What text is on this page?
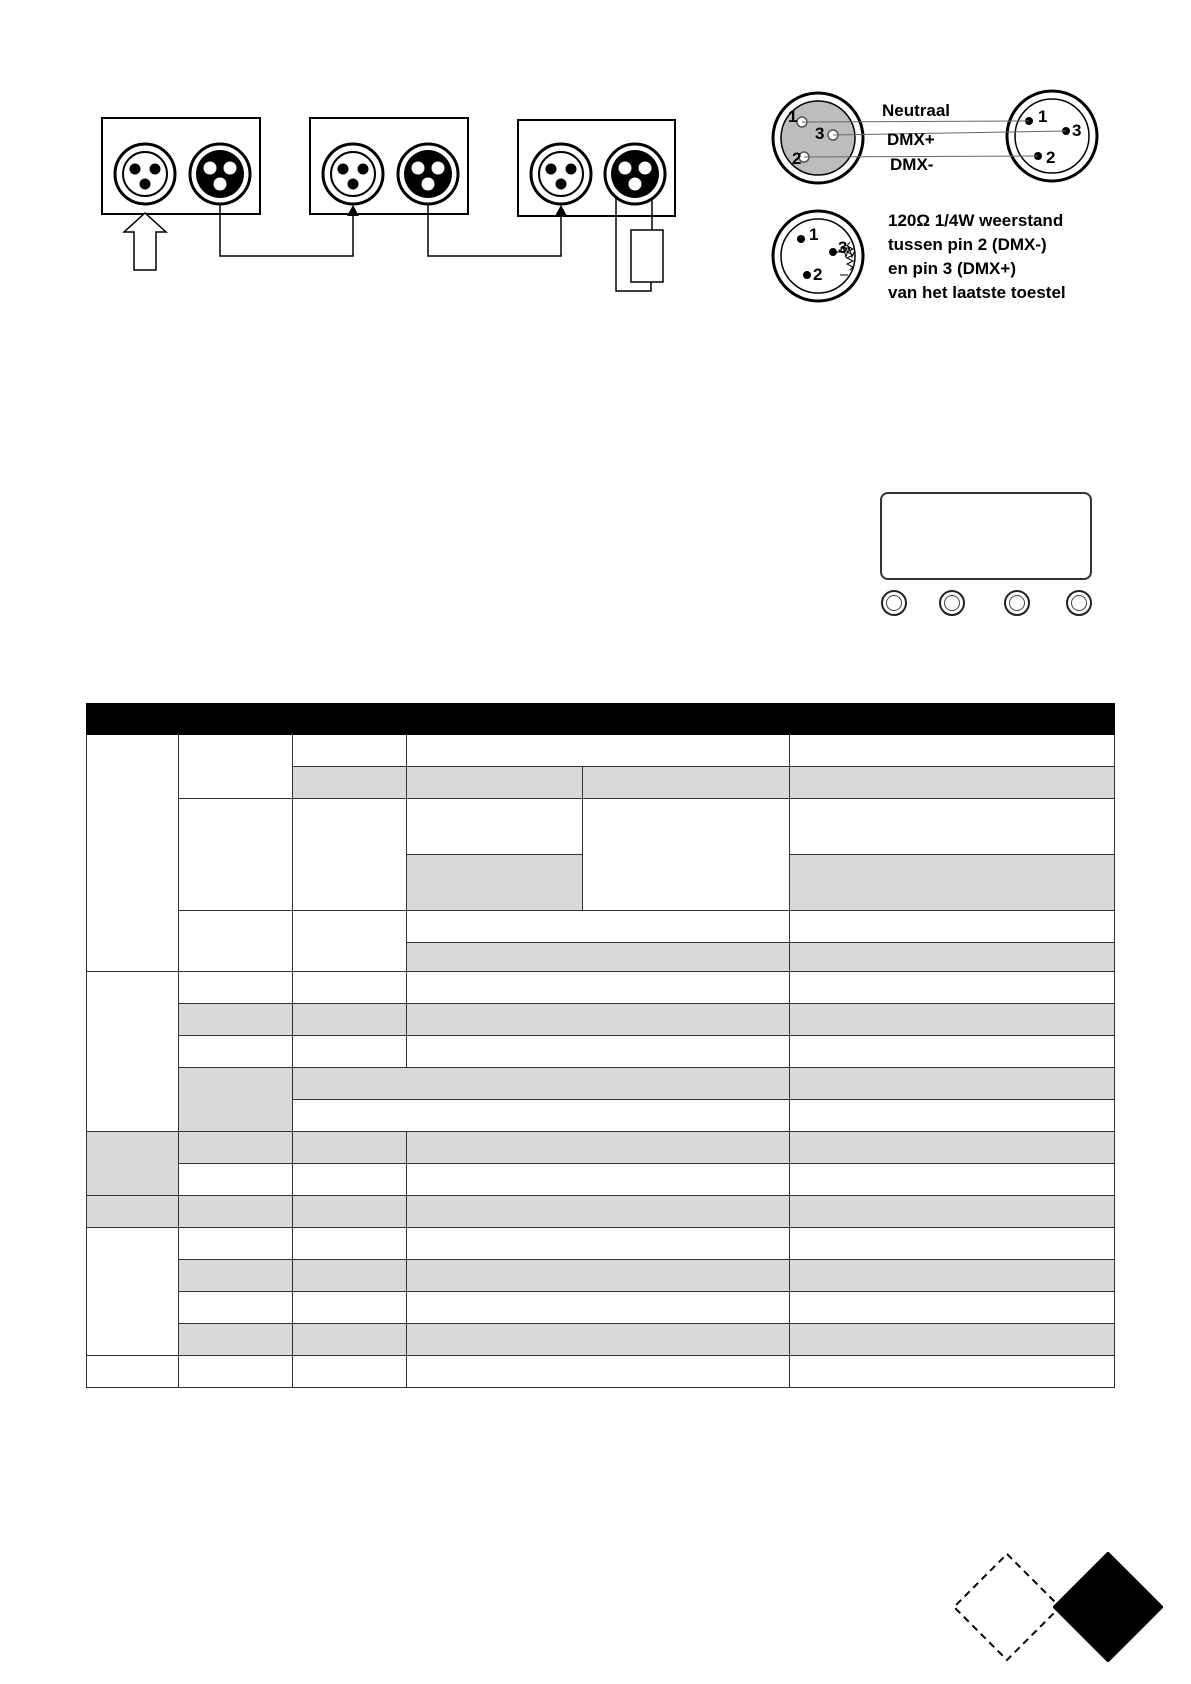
1
3
2
1
3
2
Neutraal
DMX+
DMX-
1
3
2
120Ω 1/4W weerstand
tussen pin 2 (DMX-)
en pin 3 (DMX+)
van het laatste toestel
